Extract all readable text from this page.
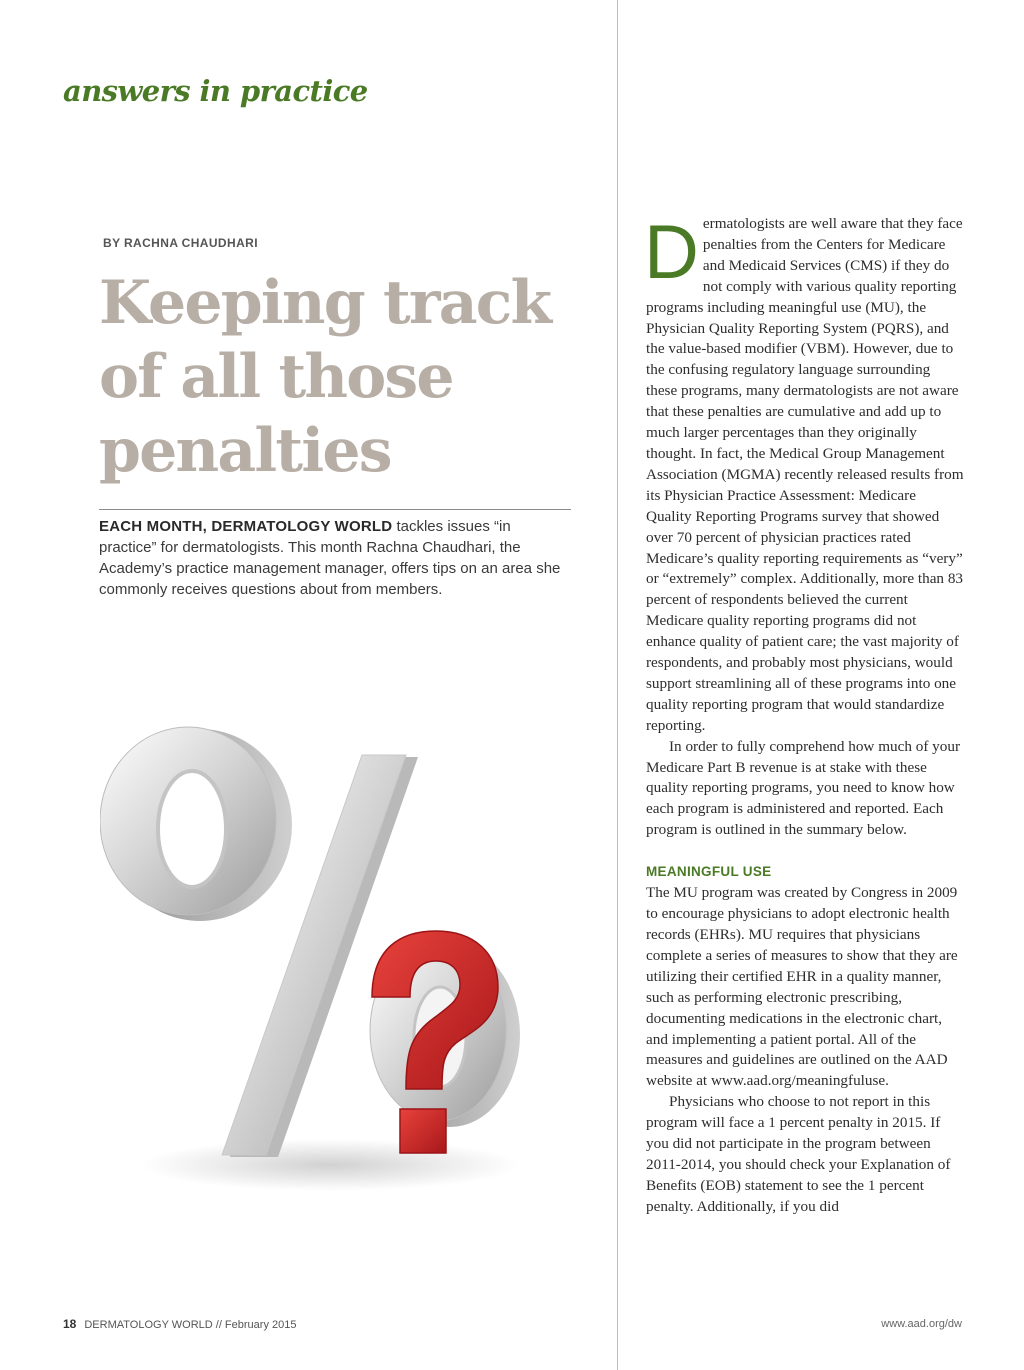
answers in practice

BY RACHNA CHAUDHARI

Keeping track of all those penalties

EACH MONTH, DERMATOLOGY WORLD tackles issues “in practice” for dermatologists. This month Rachna Chaudhari, the Academy’s practice management manager, offers tips on an area she commonly receives questions about from members.

Dermatologists are well aware that they face penalties from the Centers for Medicare and Medicaid Services (CMS) if they do not comply with various quality reporting programs including meaningful use (MU), the Physician Quality Reporting System (PQRS), and the value-based modifier (VBM). However, due to the confusing regulatory language surrounding these programs, many dermatologists are not aware that these penalties are cumulative and add up to much larger percentages than they originally thought. In fact, the Medical Group Management Association (MGMA) recently released results from its Physician Practice Assessment: Medicare Quality Reporting Programs survey that showed over 70 percent of physician practices rated Medicare’s quality reporting requirements as “very” or “extremely” complex. Additionally, more than 83 percent of respondents believed the current Medicare quality reporting programs did not enhance quality of patient care; the vast majority of respondents, and probably most physicians, would support streamlining all of these programs into one quality reporting program that would standardize reporting.

In order to fully comprehend how much of your Medicare Part B revenue is at stake with these quality reporting programs, you need to know how each program is administered and reported. Each program is outlined in the summary below.

MEANINGFUL USE

The MU program was created by Congress in 2009 to encourage physicians to adopt electronic health records (EHRs). MU requires that physicians complete a series of measures to show that they are utilizing their certified EHR in a quality manner, such as performing electronic prescribing, documenting medications in the electronic chart, and implementing a patient portal. All of the measures and guidelines are outlined on the AAD website at www.aad.org/meaningfuluse.

Physicians who choose to not report in this program will face a 1 percent penalty in 2015. If you did not participate in the program between 2011-2014, you should check your Explanation of Benefits (EOB) statement to see the 1 percent penalty. Additionally, if you did

18 DERMATOLOGY WORLD // February 2015	www.aad.org/dw
